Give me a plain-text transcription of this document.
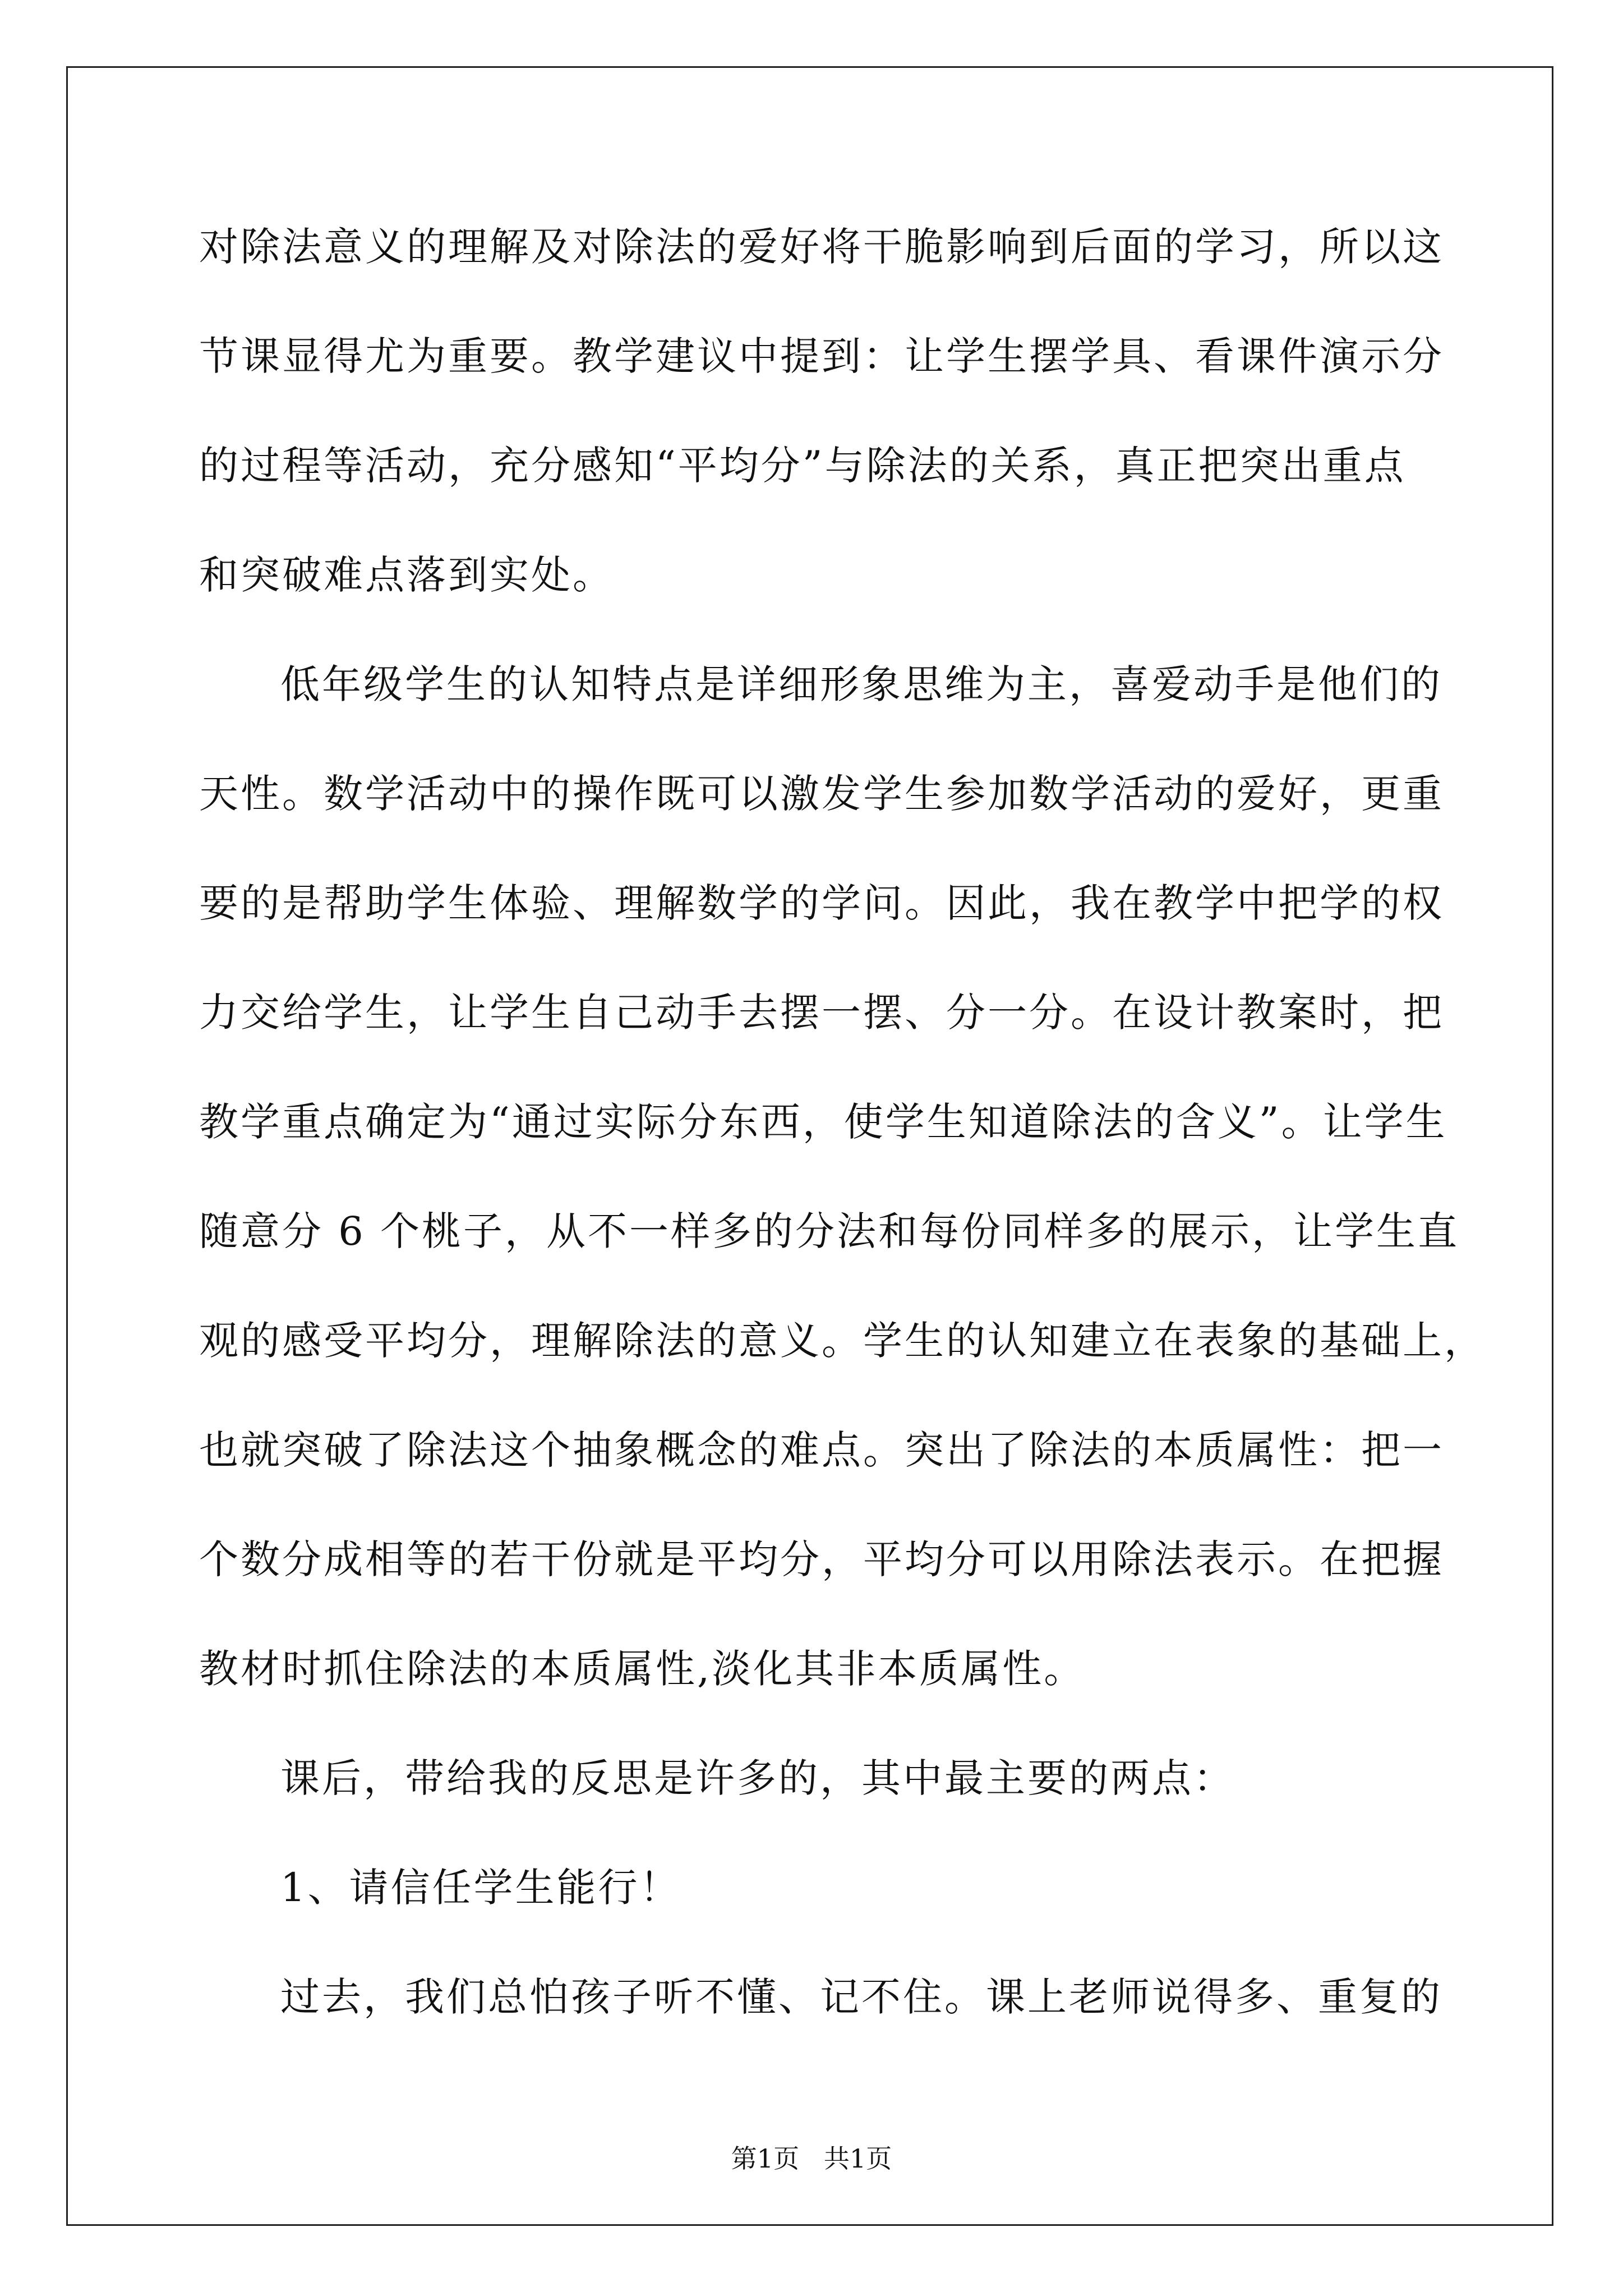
对除法意义的理解及对除法的爱好将干脆影响到后面的学习，所以这
节课显得尤为重要。教学建议中提到：让学生摆学具、看课件演示分
的过程等活动，充分感知“平均分”与除法的关系，真正把突出重点
和突破难点落到实处。
低年级学生的认知特点是详细形象思维为主，喜爱动手是他们的
天性。数学活动中的操作既可以激发学生参加数学活动的爱好，更重
要的是帮助学生体验、理解数学的学问。因此，我在教学中把学的权
力交给学生，让学生自己动手去摆一摆、分一分。在设计教案时，把
教学重点确定为“通过实际分东西，使学生知道除法的含义”。让学生
随意分 6 个桃子，从不一样多的分法和每份同样多的展示，让学生直
观的感受平均分，理解除法的意义。学生的认知建立在表象的基础上，
也就突破了除法这个抽象概念的难点。突出了除法的本质属性：把一
个数分成相等的若干份就是平均分，平均分可以用除法表示。在把握
教材时抓住除法的本质属性,淡化其非本质属性。
课后，带给我的反思是许多的，其中最主要的两点：
1、请信任学生能行！
过去，我们总怕孩子听不懂、记不住。课上老师说得多、重复的
第1页   共1页
